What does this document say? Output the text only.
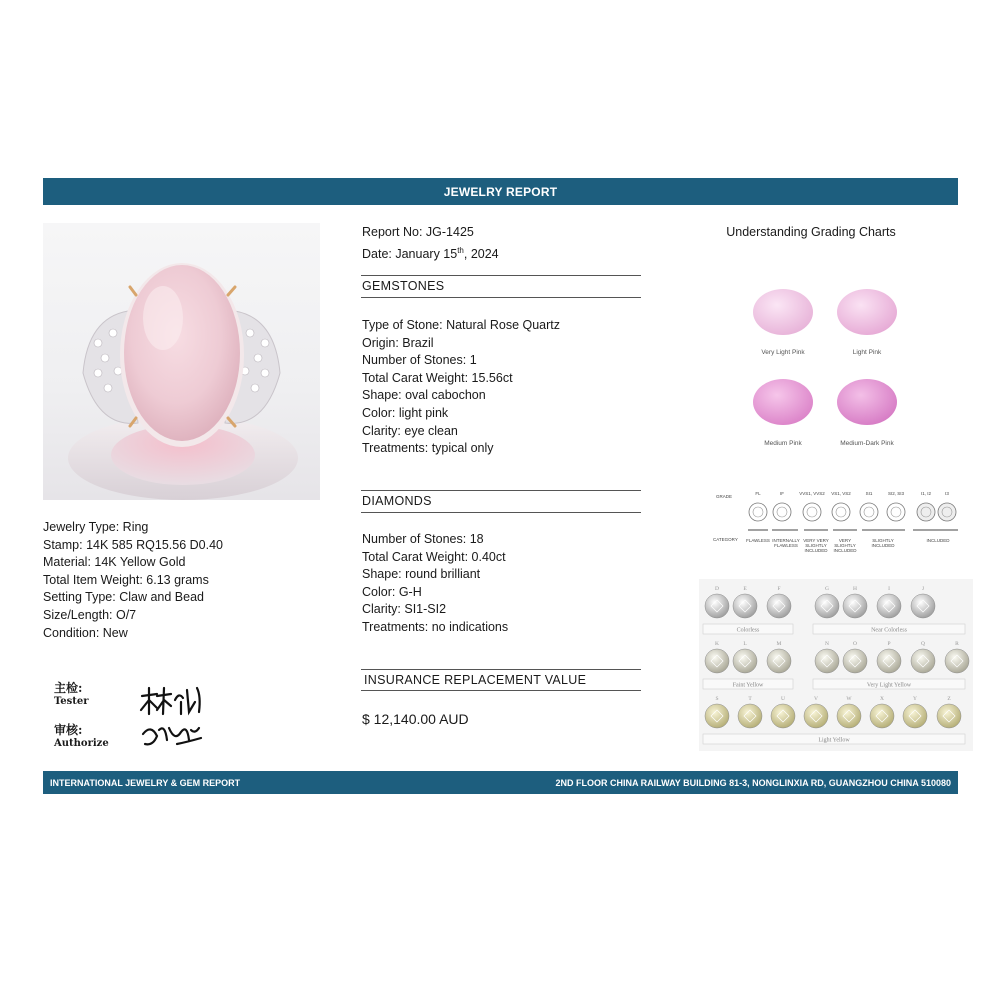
JEWELRY REPORT
Jewelry Type: Ring
Stamp: 14K 585 RQ15.56 D0.40
Material: 14K Yellow Gold
Total Item Weight: 6.13 grams
Setting Type: Claw and Bead
Size/Length: O/7
Condition: New
主检:
Tester
审核:
Authorize
Report No: JG-1425
Date: January 15th, 2024
GEMSTONES
Type of Stone: Natural Rose Quartz
Origin: Brazil
Number of Stones: 1
Total Carat Weight: 15.56ct
Shape: oval cabochon
Color: light pink
Clarity: eye clean
Treatments: typical only
DIAMONDS
Number of Stones: 18
Total Carat Weight: 0.40ct
Shape: round brilliant
Color: G-H
Clarity: SI1-SI2
Treatments: no indications
INSURANCE REPLACEMENT VALUE
$ 12,140.00 AUD
Understanding Grading Charts
Very Light Pink	Light Pink
Medium Pink	Medium-Dark Pink
GRADE
CATEGORY
FL	IF	VVS1, VVS2 VS1, VS2	SI1	SI2, SI3	I1, I2	I3
FLAWLESS INTERNALLY
FLAWLESS
VERY VERY
SLIGHTLY
INCLUDED
VERY
SLIGHTLY
INCLUDED
SLIGHTLY
INCLUDED
INCLUDED
D	E	F	G	H	I	J
Colorless	Near Colorless
K	L	M	N	O	P	Q	R
Faint Yellow	Very Light Yellow
S	T	U	V	W	X	Y	Z
Light Yellow
INTERNATIONAL JEWELRY & GEM REPORT	2ND FLOOR CHINA RAILWAY BUILDING 81-3, NONGLINXIA RD, GUANGZHOU CHINA 510080
